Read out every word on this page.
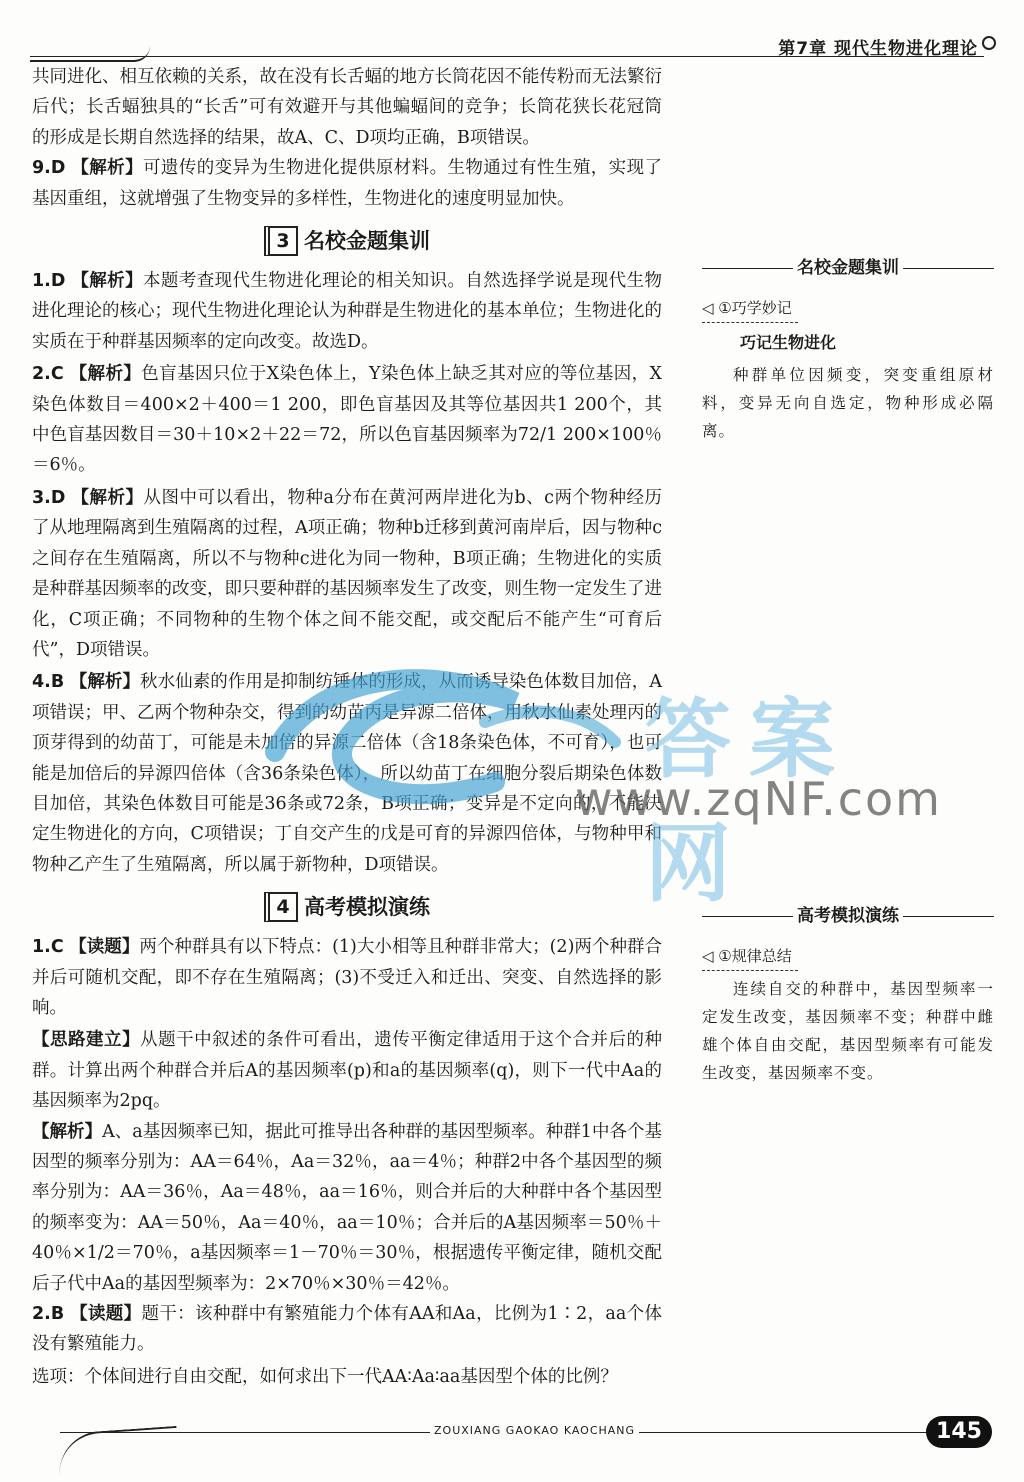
第7章 现代生物进化理论

共同进化、相互依赖的关系，故在没有长舌蝠的地方长筒花因不能传粉而无法繁衍后代；长舌蝠独具的“长舌”可有效避开与其他蝙蝠间的竞争；长筒花狭长花冠筒的形成是长期自然选择的结果，故A、C、D项均正确，B项错误。

9.D 【解析】可遗传的变异为生物进化提供原材料。生物通过有性生殖，实现了基因重组，这就增强了生物变异的多样性，生物进化的速度明显加快。
3 名校金题集训
1.D 【解析】本题考查现代生物进化理论的相关知识。自然选择学说是现代生物进化理论的核心；现代生物进化理论认为种群是生物进化的基本单位；生物进化的实质在于种群基因频率的定向改变。故选D。
2.C 【解析】色盲基因只位于X染色体上，Y染色体上缺乏其对应的等位基因，X染色体数目＝400×2＋400＝1 200，即色盲基因及其等位基因共1 200个，其中色盲基因数目＝30＋10×2＋22＝72，所以色盲基因频率为72/1 200×100％＝6％。
3.D 【解析】从图中可以看出，物种a分布在黄河两岸进化为b、c两个物种经历了从地理隔离到生殖隔离的过程，A项正确；物种b迁移到黄河南岸后，因与物种c之间存在生殖隔离，所以不与物种c进化为同一物种，B项正确；生物进化的实质是种群基因频率的改变，即只要种群的基因频率发生了改变，则生物一定发生了进化，C项正确；不同物种的生物个体之间不能交配，或交配后不能产生“可育后代”，D项错误。
4.B 【解析】秋水仙素的作用是抑制纺锤体的形成，从而诱导染色体数目加倍，A项错误；甲、乙两个物种杂交，得到的幼苗丙是异源二倍体，用秋水仙素处理丙的顶芽得到的幼苗丁，可能是未加倍的异源二倍体（含18条染色体，不可育），也可能是加倍后的异源四倍体（含36条染色体），所以幼苗丁在细胞分裂后期染色体数目加倍，其染色体数目可能是36条或72条，B项正确；变异是不定向的，不能决定生物进化的方向，C项错误；丁自交产生的戊是可育的异源四倍体，与物种甲和物种乙产生了生殖隔离，所以属于新物种，D项错误。
4 高考模拟演练
1.C 【读题】两个种群具有以下特点：(1)大小相等且种群非常大；(2)两个种群合并后可随机交配，即不存在生殖隔离；(3)不受迁入和迁出、突变、自然选择的影响。

【思路建立】从题干中叙述的条件可看出，遗传平衡定律适用于这个合并后的种群。计算出两个种群合并后A的基因频率(p)和a的基因频率(q)，则下一代中Aa的基因频率为2pq。

【解析】A、a基因频率已知，据此可推导出各种群的基因型频率。种群1中各个基因型的频率分别为：AA＝64％，Aa＝32％，aa＝4％；种群2中各个基因型的频率分别为：AA＝36％，Aa＝48％，aa＝16％，则合并后的大种群中各个基因型的频率变为：AA＝50％，Aa＝40％，aa＝10％；合并后的A基因频率＝50％＋40％×1/2＝70％，a基因频率＝1－70％＝30％，根据遗传平衡定律，随机交配后子代中Aa的基因型频率为：2×70％×30％＝42％。

2.B 【读题】题干：该种群中有繁殖能力个体有AA和Aa，比例为1∶2，aa个体没有繁殖能力。

选项：个体间进行自由交配，如何求出下一代AA∶Aa∶aa基因型个体的比例？

名校金题集训
◁ ①巧学妙记
巧记生物进化
种群单位因频变，突变重组原材料，变异无向自选定，物种形成必隔离。
高考模拟演练
◁ ①规律总结
连续自交的种群中，基因型频率一定发生改变，基因频率不变；种群中雌雄个体自由交配，基因型频率有可能发生改变，基因频率不变。
答案网
www.zqNF.com
ZOUXIANG GAOKAO KAOCHANG	145
